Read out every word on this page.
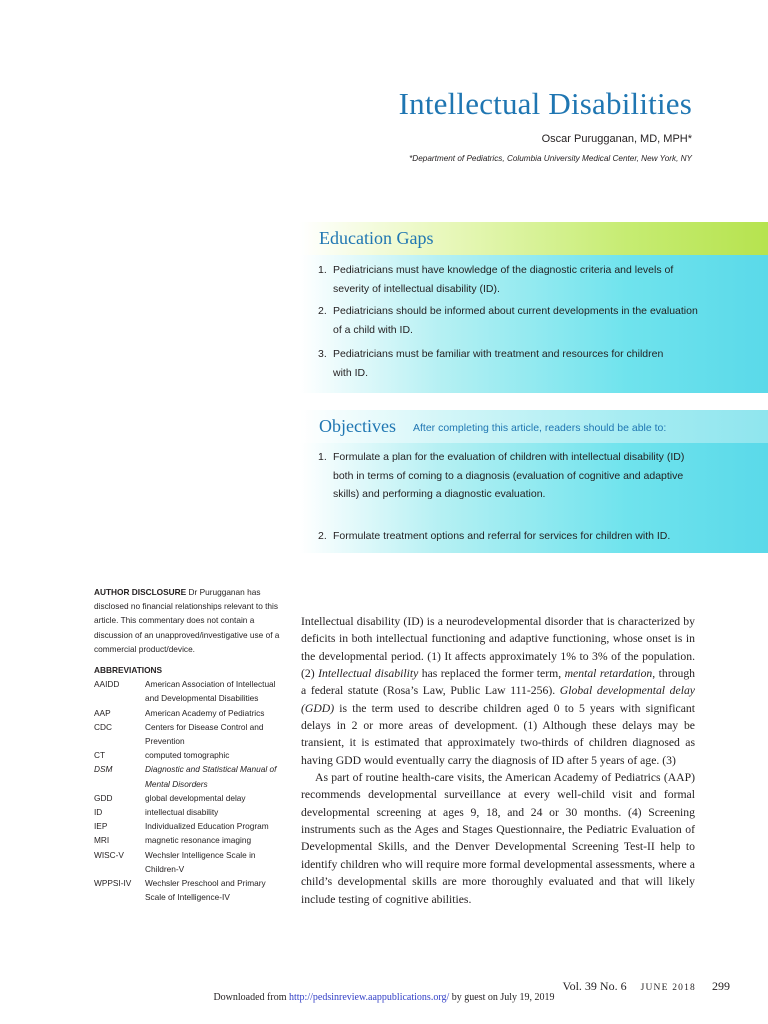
Intellectual Disabilities
Oscar Purugganan, MD, MPH*
*Department of Pediatrics, Columbia University Medical Center, New York, NY
Education Gaps
1. Pediatricians must have knowledge of the diagnostic criteria and levels of severity of intellectual disability (ID).
2. Pediatricians should be informed about current developments in the evaluation of a child with ID.
3. Pediatricians must be familiar with treatment and resources for children with ID.
Objectives After completing this article, readers should be able to:
1. Formulate a plan for the evaluation of children with intellectual disability (ID) both in terms of coming to a diagnosis (evaluation of cognitive and adaptive skills) and performing a diagnostic evaluation.
2. Formulate treatment options and referral for services for children with ID.
AUTHOR DISCLOSURE Dr Purugganan has disclosed no financial relationships relevant to this article. This commentary does not contain a discussion of an unapproved/investigative use of a commercial product/device.
ABBREVIATIONS
AAIDD	American Association of Intellectual and Developmental Disabilities
AAP	American Academy of Pediatrics
CDC	Centers for Disease Control and Prevention
CT	computed tomographic
DSM	Diagnostic and Statistical Manual of Mental Disorders
GDD	global developmental delay
ID	intellectual disability
IEP	Individualized Education Program
MRI	magnetic resonance imaging
WISC-V	Wechsler Intelligence Scale in Children-V
WPPSI-IV	Wechsler Preschool and Primary Scale of Intelligence-IV

Intellectual disability (ID) is a neurodevelopmental disorder that is characterized by deficits in both intellectual functioning and adaptive functioning, whose onset is in the developmental period. (1) It affects approximately 1% to 3% of the population. (2) Intellectual disability has replaced the former term, mental retardation, through a federal statute (Rosa’s Law, Public Law 111-256). Global developmental delay (GDD) is the term used to describe children aged 0 to 5 years with significant delays in 2 or more areas of development. (1) Although these delays may be transient, it is estimated that approximately two-thirds of children diagnosed as having GDD would eventually carry the diagnosis of ID after 5 years of age. (3)

As part of routine health-care visits, the American Academy of Pediatrics (AAP) recommends developmental surveillance at every well-child visit and formal developmental screening at ages 9, 18, and 24 or 30 months. (4) Screening instruments such as the Ages and Stages Questionnaire, the Pediatric Evaluation of Developmental Skills, and the Denver Developmental Screening Test-II help to identify children who will require more formal developmental assessments, where a child’s developmental skills are more thoroughly evaluated and that will likely include testing of cognitive abilities.

Vol. 39 No. 6 JUNE 2018 299
Downloaded from http://pedsinreview.aappublications.org/ by guest on July 19, 2019
